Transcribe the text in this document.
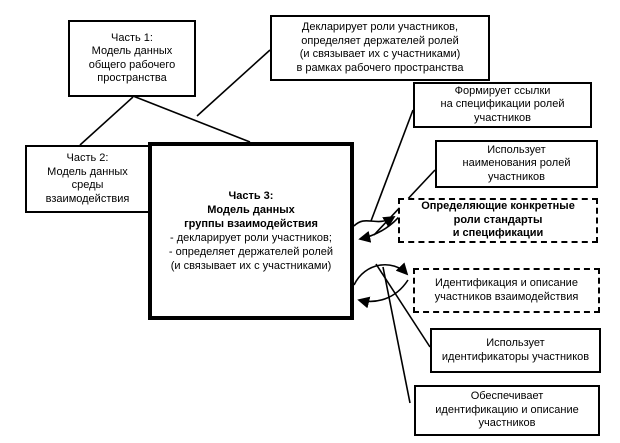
Часть 1:
Модель данных
общего рабочего
пространства
Часть 2:
Модель данных
среды
взаимодействия	Часть 3:
Модель данных
группы взаимодействия
- декларирует роли участников;
- определяет держателей ролей
(и связывает их с участниками)
Декларирует роли участников,
определяет держателей ролей
(и связывает их с участниками)
в рамках рабочего пространства
Формирует ссылки
на спецификации ролей
участников
Использует
наименования ролей
участников
Определяющие конкретные
роли стандарты
и спецификации
Идентификация и описание
участников взаимодействия
Использует
идентификаторы участников
Обеспечивает
идентификацию и описание
участников
